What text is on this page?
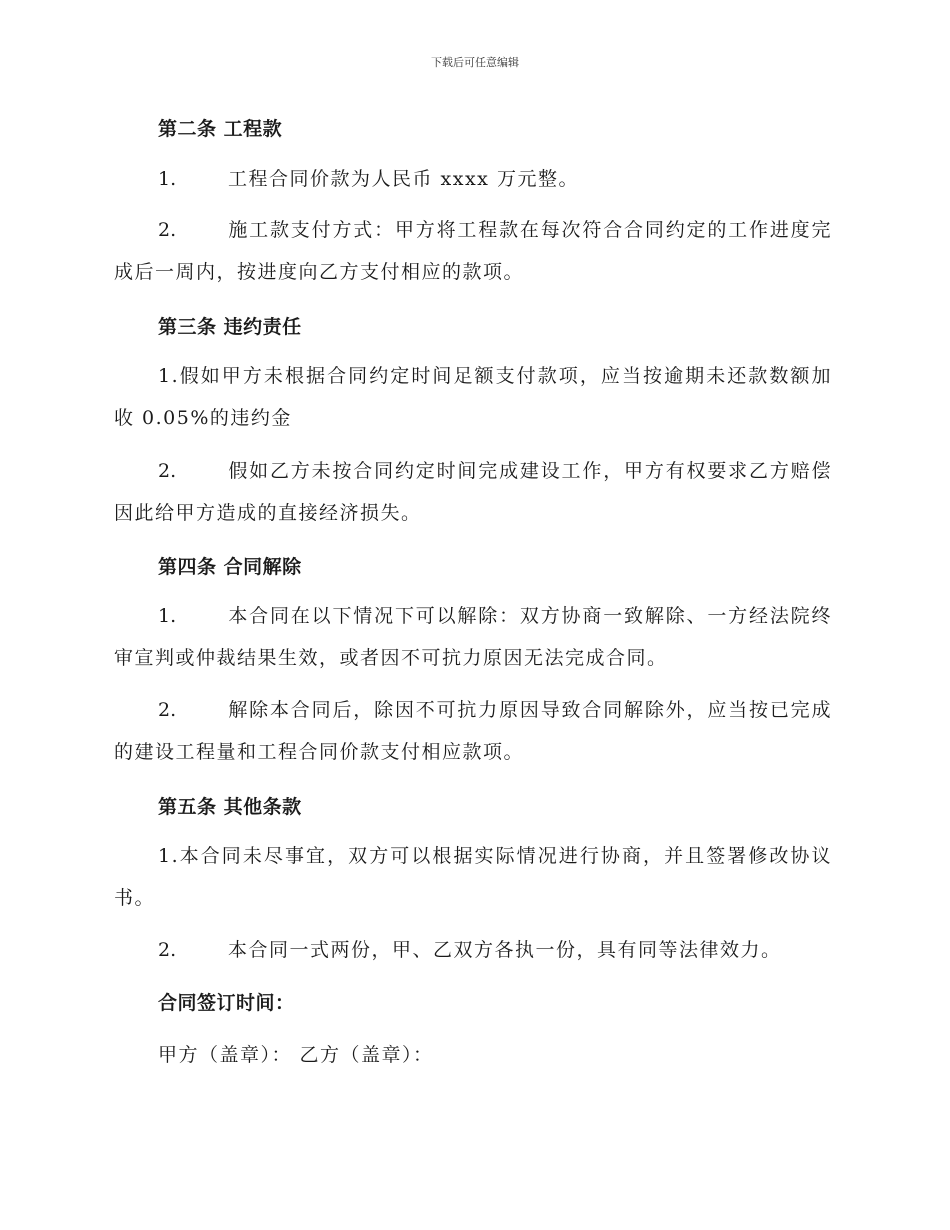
下载后可任意编辑
第二条 工程款
1.	工程合同价款为人民币 xxxx 万元整。
2.	施工款支付方式：甲方将工程款在每次符合合同约定的工作进度完成后一周内，按进度向乙方支付相应的款项。
第三条 违约责任
1.假如甲方未根据合同约定时间足额支付款项，应当按逾期未还款数额加收 0.05%的违约金
2.	假如乙方未按合同约定时间完成建设工作，甲方有权要求乙方赔偿因此给甲方造成的直接经济损失。
第四条 合同解除
1.	本合同在以下情况下可以解除：双方协商一致解除、一方经法院终审宣判或仲裁结果生效，或者因不可抗力原因无法完成合同。
2.	解除本合同后，除因不可抗力原因导致合同解除外，应当按已完成的建设工程量和工程合同价款支付相应款项。
第五条 其他条款
1.本合同未尽事宜，双方可以根据实际情况进行协商，并且签署修改协议书。
2.	本合同一式两份，甲、乙双方各执一份，具有同等法律效力。
合同签订时间：
甲方（盖章）： 乙方（盖章）：
